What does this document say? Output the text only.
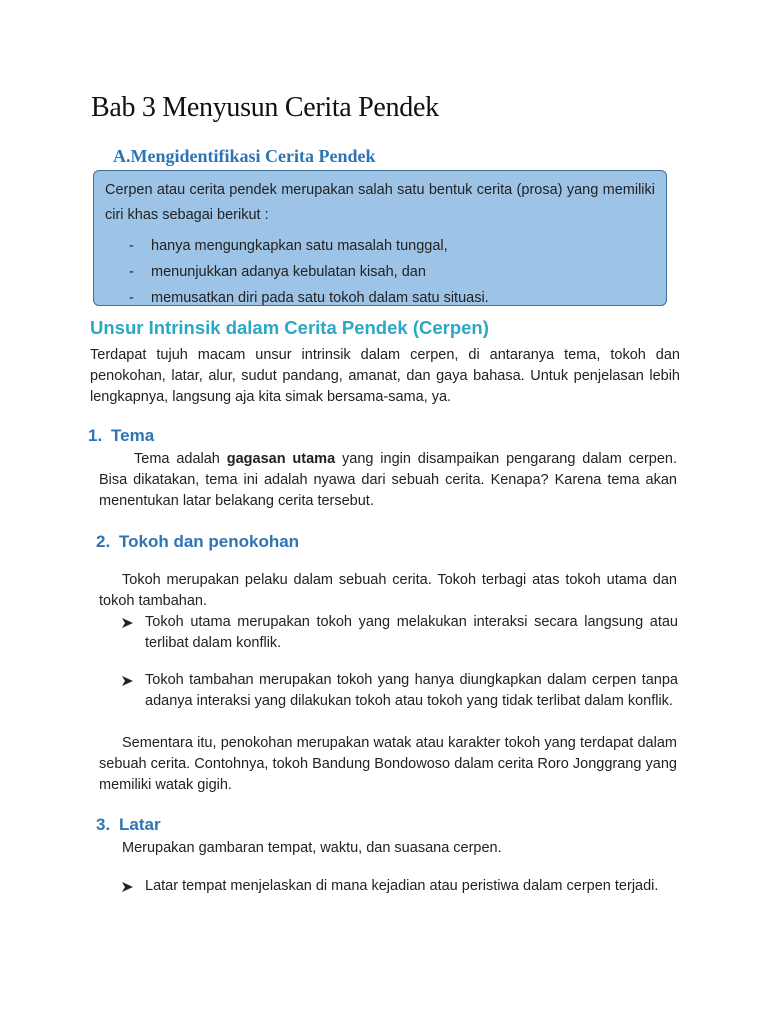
Bab 3 Menyusun Cerita Pendek
A.Mengidentifikasi Cerita Pendek
Cerpen atau cerita pendek merupakan salah satu bentuk cerita (prosa) yang memiliki ciri khas sebagai berikut :
- hanya mengungkapkan satu masalah tunggal,
- menunjukkan adanya kebulatan kisah, dan
- memusatkan diri pada satu tokoh dalam satu situasi.
Unsur Intrinsik dalam Cerita Pendek (Cerpen)
Terdapat tujuh macam unsur intrinsik dalam cerpen, di antaranya tema, tokoh dan penokohan, latar, alur, sudut pandang, amanat, dan gaya bahasa. Untuk penjelasan lebih lengkapnya, langsung aja kita simak bersama-sama, ya.
1. Tema
Tema adalah gagasan utama yang ingin disampaikan pengarang dalam cerpen. Bisa dikatakan, tema ini adalah nyawa dari sebuah cerita. Kenapa? Karena tema akan menentukan latar belakang cerita tersebut.
2. Tokoh dan penokohan
Tokoh merupakan pelaku dalam sebuah cerita. Tokoh terbagi atas tokoh utama dan tokoh tambahan.
Tokoh utama merupakan tokoh yang melakukan interaksi secara langsung atau terlibat dalam konflik.
Tokoh tambahan merupakan tokoh yang hanya diungkapkan dalam cerpen tanpa adanya interaksi yang dilakukan tokoh atau tokoh yang tidak terlibat dalam konflik.
Sementara itu, penokohan merupakan watak atau karakter tokoh yang terdapat dalam sebuah cerita. Contohnya, tokoh Bandung Bondowoso dalam cerita Roro Jonggrang yang memiliki watak gigih.
3. Latar
Merupakan gambaran tempat, waktu, dan suasana cerpen.
Latar tempat menjelaskan di mana kejadian atau peristiwa dalam cerpen terjadi.
